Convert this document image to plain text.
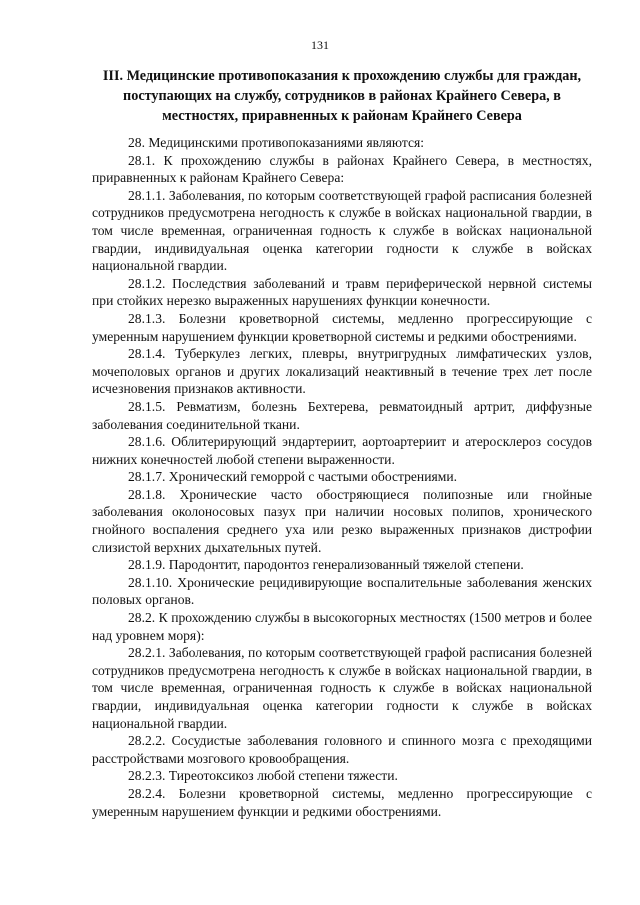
131
III. Медицинские противопоказания к прохождению службы для граждан, поступающих на службу, сотрудников в районах Крайнего Севера, в местностях, приравненных к районам Крайнего Севера

28. Медицинскими противопоказаниями являются:

28.1. К прохождению службы в районах Крайнего Севера, в местностях, приравненных к районам Крайнего Севера:

28.1.1. Заболевания, по которым соответствующей графой расписания болезней сотрудников предусмотрена негодность к службе в войсках национальной гвардии, в том числе временная, ограниченная годность к службе в войсках национальной гвардии, индивидуальная оценка категории годности к службе в войсках национальной гвардии.

28.1.2. Последствия заболеваний и травм периферической нервной системы при стойких нерезко выраженных нарушениях функции конечности.

28.1.3. Болезни кроветворной системы, медленно прогрессирующие с умеренным нарушением функции кроветворной системы и редкими обострениями.

28.1.4. Туберкулез легких, плевры, внутригрудных лимфатических узлов, мочеполовых органов и других локализаций неактивный в течение трех лет после исчезновения признаков активности.

28.1.5. Ревматизм, болезнь Бехтерева, ревматоидный артрит, диффузные заболевания соединительной ткани.

28.1.6. Облитерирующий эндартериит, аортоартериит и атеросклероз сосудов нижних конечностей любой степени выраженности.

28.1.7. Хронический геморрой с частыми обострениями.

28.1.8. Хронические часто обостряющиеся полипозные или гнойные заболевания околоносовых пазух при наличии носовых полипов, хронического гнойного воспаления среднего уха или резко выраженных признаков дистрофии слизистой верхних дыхательных путей.

28.1.9. Пародонтит, пародонтоз генерализованный тяжелой степени.

28.1.10. Хронические рецидивирующие воспалительные заболевания женских половых органов.

28.2. К прохождению службы в высокогорных местностях (1500 метров и более над уровнем моря):

28.2.1. Заболевания, по которым соответствующей графой расписания болезней сотрудников предусмотрена негодность к службе в войсках национальной гвардии, в том числе временная, ограниченная годность к службе в войсках национальной гвардии, индивидуальная оценка категории годности к службе в войсках национальной гвардии.

28.2.2. Сосудистые заболевания головного и спинного мозга с преходящими расстройствами мозгового кровообращения.

28.2.3. Тиреотоксикоз любой степени тяжести.

28.2.4. Болезни кроветворной системы, медленно прогрессирующие с умеренным нарушением функции и редкими обострениями.
